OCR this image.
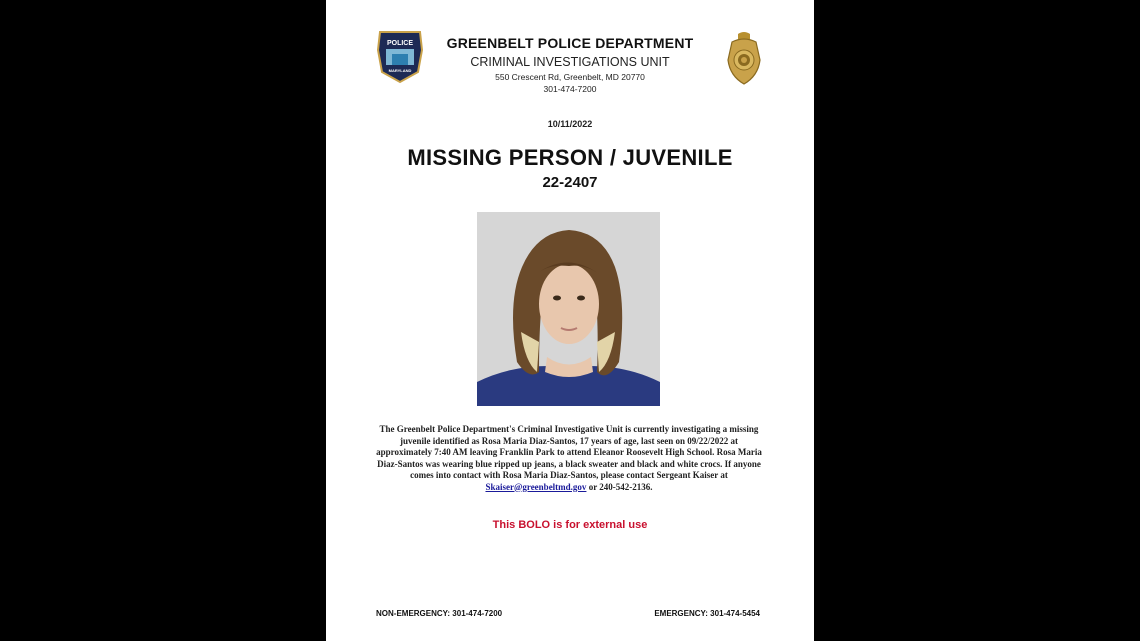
POLICE
MARYLAND
GREENBELT POLICE DEPARTMENT
CRIMINAL INVESTIGATIONS UNIT
550 Crescent Rd, Greenbelt, MD 20770
301-474-7200
10/11/2022
MISSING PERSON / JUVENILE
22-2407
The Greenbelt Police Department's Criminal Investigative Unit is currently investigating a missing juvenile identified as Rosa Maria Diaz-Santos, 17 years of age, last seen on 09/22/2022 at approximately 7:40 AM leaving Franklin Park to attend Eleanor Roosevelt High School. Rosa Maria Diaz-Santos was wearing blue ripped up jeans, a black sweater and black and white crocs. If anyone comes into contact with Rosa Maria Diaz-Santos, please contact Sergeant Kaiser at Skaiser@greenbeltmd.gov or 240-542-2136.
This BOLO is for external use
NON-EMERGENCY: 301-474-7200	EMERGENCY: 301-474-5454
